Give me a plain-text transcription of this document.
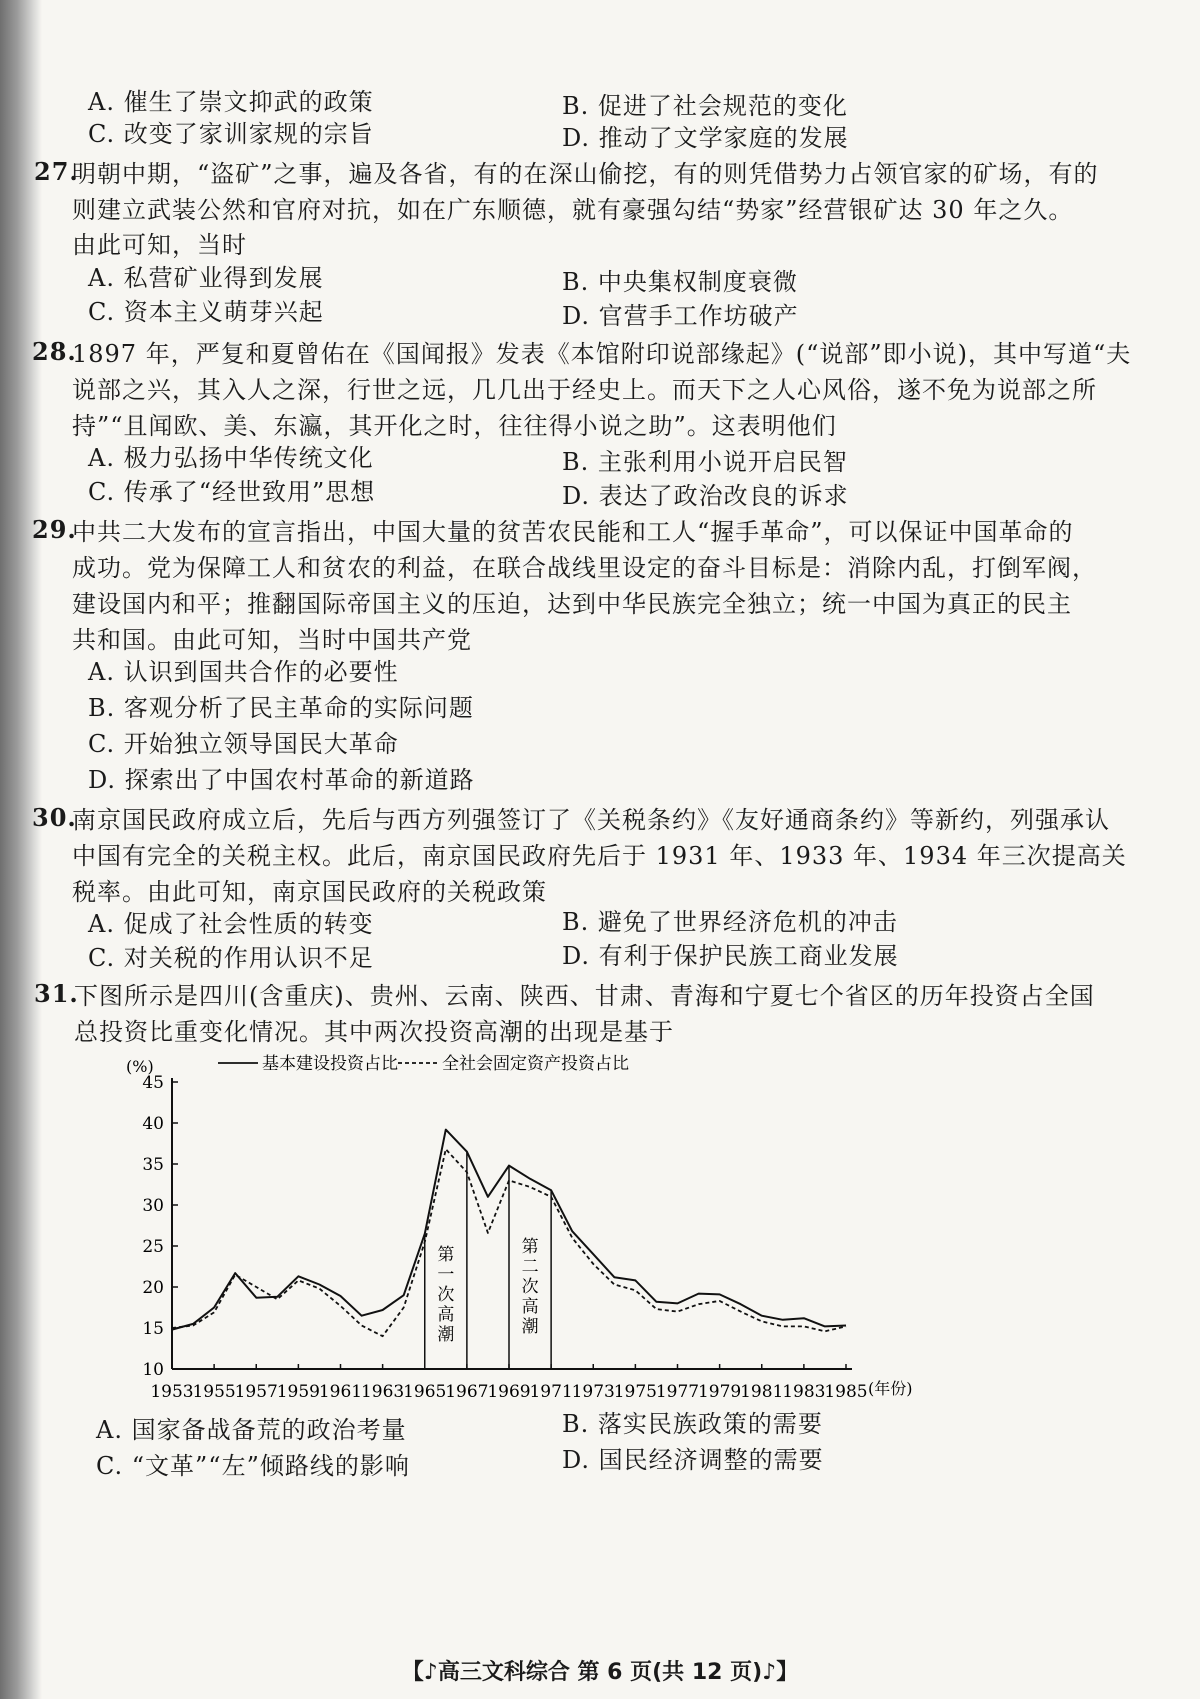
A. 催生了崇文抑武的政策	B. 促进了社会规范的变化
C. 改变了家训家规的宗旨	D. 推动了文学家庭的发展
27.
明朝中期，“盗矿”之事，遍及各省，有的在深山偷挖，有的则凭借势力占领官家的矿场，有的
则建立武装公然和官府对抗，如在广东顺德，就有豪强勾结“势家”经营银矿达 30 年之久。
由此可知，当时
A. 私营矿业得到发展	B. 中央集权制度衰微
C. 资本主义萌芽兴起	D. 官营手工作坊破产
28.
1897 年，严复和夏曾佑在《国闻报》发表《本馆附印说部缘起》(“说部”即小说)，其中写道“夫
说部之兴，其入人之深，行世之远，几几出于经史上。而天下之人心风俗，遂不免为说部之所
持”“且闻欧、美、东瀛，其开化之时，往往得小说之助”。这表明他们
A. 极力弘扬中华传统文化	B. 主张利用小说开启民智
C. 传承了“经世致用”思想	D. 表达了政治改良的诉求
29.
中共二大发布的宣言指出，中国大量的贫苦农民能和工人“握手革命”，可以保证中国革命的
成功。党为保障工人和贫农的利益，在联合战线里设定的奋斗目标是：消除内乱，打倒军阀，
建设国内和平；推翻国际帝国主义的压迫，达到中华民族完全独立；统一中国为真正的民主
共和国。由此可知，当时中国共产党
A. 认识到国共合作的必要性
B. 客观分析了民主革命的实际问题
C. 开始独立领导国民大革命
D. 探索出了中国农村革命的新道路
30.
南京国民政府成立后，先后与西方列强签订了《关税条约》《友好通商条约》等新约，列强承认
中国有完全的关税主权。此后，南京国民政府先后于 1931 年、1933 年、1934 年三次提高关
税率。由此可知，南京国民政府的关税政策
A. 促成了社会性质的转变	B. 避免了世界经济危机的冲击
C. 对关税的作用认识不足	D. 有利于保护民族工商业发展
31.
下图所示是四川(含重庆)、贵州、云南、陕西、甘肃、青海和宁夏七个省区的历年投资占全国
总投资比重变化情况。其中两次投资高潮的出现是基于
10
15
20
25
30
35
40
45
(%)
1953
1955
1957
1959
1961
1963
1965
1967
1969
1971
1973
1975
1977
1979
1981
1983
1985 (年份)
第
一
次
高
潮
第
二
次
高
潮
基本建设投资占比	全社会固定资产投资占比
A. 国家备战备荒的政治考量	B. 落实民族政策的需要
C. “文革”“左”倾路线的影响	D. 国民经济调整的需要
【♪高三文科综合 第 6 页(共 12 页)♪】
